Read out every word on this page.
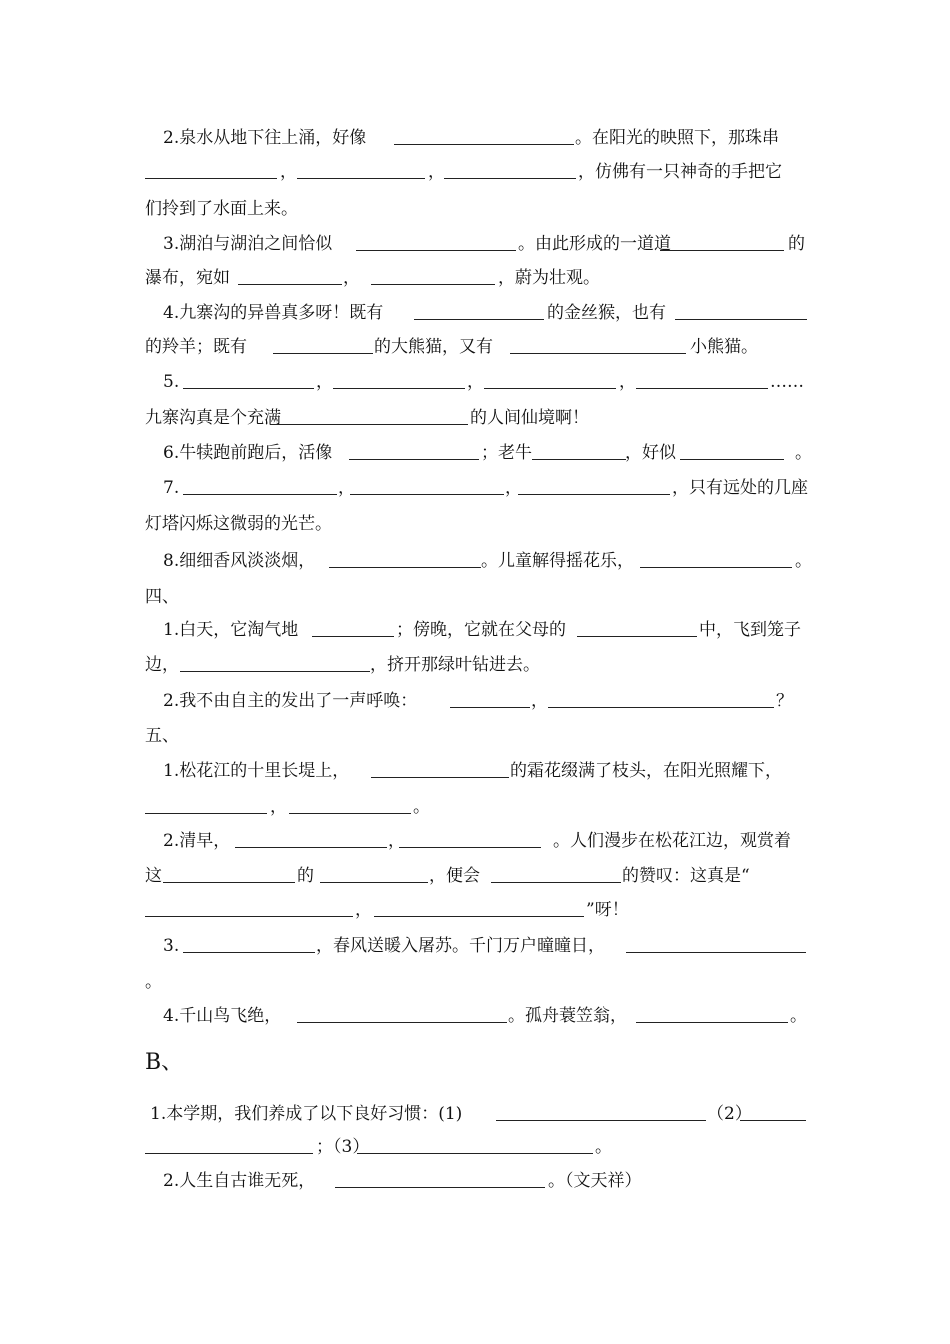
2.泉水从地下往上涌，好像	。在阳光的映照下，那珠串
，	，	，仿佛有一只神奇的手把它
们拎到了水面上来。
3.湖泊与湖泊之间恰似	。由此形成的一道道	的
瀑布，宛如	，	，蔚为壮观。
4.九寨沟的异兽真多呀！既有	的金丝猴，也有
的羚羊；既有	的大熊猫，又有	小熊猫。
5.	，	，	，	……
九寨沟真是个充满	的人间仙境啊！
6.牛犊跑前跑后，活像	；老牛	，好似	。
7.	，	，	，只有远处的几座
灯塔闪烁这微弱的光芒。
8.细细香风淡淡烟，	。儿童解得摇花乐，	。
四、
1.白天，它淘气地	；傍晚，它就在父母的	中，飞到笼子
边，	，挤开那绿叶钻进去。
2.我不由自主的发出了一声呼唤：	，	？
五、
1.松花江的十里长堤上，	的霜花缀满了枝头，在阳光照耀下，
，	。
2.清早，	，	。人们漫步在松花江边，观赏着
这	的	，便会	的赞叹：这真是“
，	”呀！
3.	，春风送暖入屠苏。千门万户曈曈日，
。
4.千山鸟飞绝，	。孤舟蓑笠翁，	。
B、
1.本学期，我们养成了以下良好习惯：(1)	（2）
；（3）	。
2.人生自古谁无死，	。（文天祥）
